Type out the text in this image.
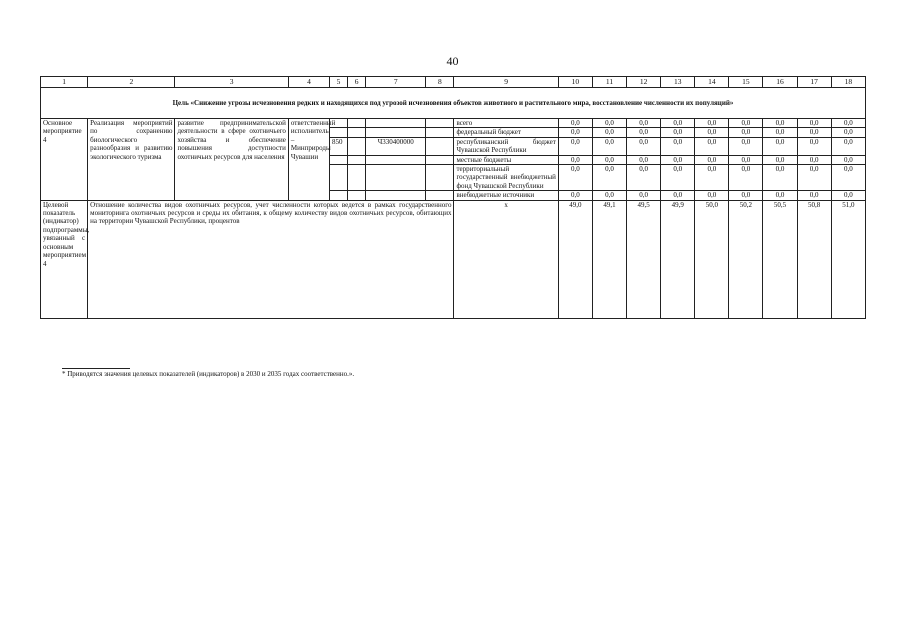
40
1	2	3	4	5	6	7	8	9	10	11	12	13	14	15	16	17	18
Цель «Снижение угрозы исчезновения редких и находящихся под угрозой исчезновения объектов животного и растительного мира, восстановление численности их популяций»																	
Основное мероприятие 4	Реализация мероприятий по сохранению биологического разнообразия и развитию экологического туризма	развитие предпринимательской деятельности в сфере охотничьего хозяйства и обеспечение повышения доступности охотничьих ресурсов для населения	ответственный исполнитель – Минприроды Чувашии					всего	0,0	0,0	0,0	0,0	0,0	0,0	0,0	0,0	0,0
								федеральный бюджет	0,0	0,0	0,0	0,0	0,0	0,0	0,0	0,0	0,0
				850		Ч330400000		республиканский бюджет Чувашской Республики	0,0	0,0	0,0	0,0	0,0	0,0	0,0	0,0	0,0
								местные бюджеты	0,0	0,0	0,0	0,0	0,0	0,0	0,0	0,0	0,0
								территориальный государственный внебюджетный фонд Чувашской Республики	0,0	0,0	0,0	0,0	0,0	0,0	0,0	0,0	0,0
								внебюджетные источники	0,0	0,0	0,0	0,0	0,0	0,0	0,0	0,0	0,0
Целевой показатель (индикатор) подпрограммы, увязанный с основным мероприятием 4	Отношение количества видов охотничьих ресурсов, учет численности которых ведется в рамках государственного мониторинга охотничьих ресурсов и среды их обитания, к общему количеству видов охотничьих ресурсов, обитающих на территории Чувашской Республики, процентов							x	49,0	49,1	49,5	49,9	50,0	50,2	50,5	50,8	51,0
* Приводятся значения целевых показателей (индикаторов) в 2030 и 2035 годах соответственно.».
